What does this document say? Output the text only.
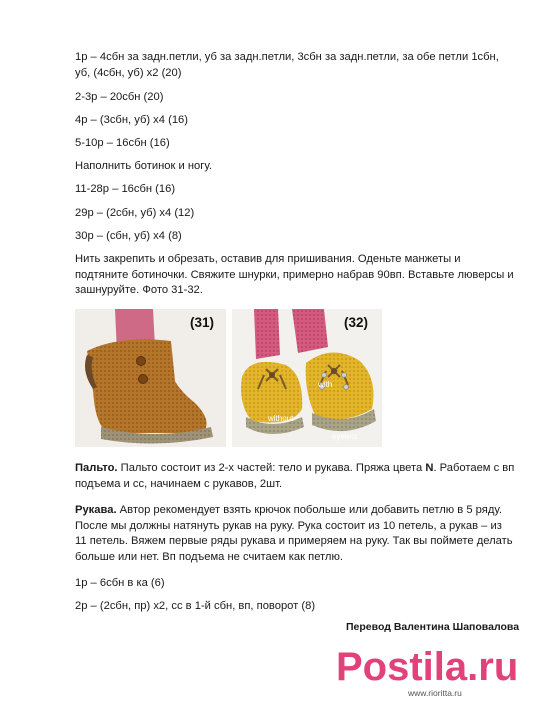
1р – 4сбн за задн.петли, уб за задн.петли, 3сбн за задн.петли, за обе петли 1сбн,
уб, (4сбн, уб) х2 (20)
2-3р – 20сбн (20)
4р – (3сбн, уб) х4 (16)
5-10р – 16сбн (16)
Наполнить ботинок и ногу.
11-28р – 16сбн (16)
29р – (2сбн, уб) х4 (12)
30р – (сбн, уб) х4 (8)
Нить закрепить и обрезать, оставив для пришивания. Оденьте манжеты и подтяните ботиночки. Свяжите шнурки, примерно набрав 90вп. Вставьте люверсы и зашнуруйте. Фото 31-32.
(31)
without
with
eyelets
(32)
Пальто. Пальто состоит из 2-х частей: тело и рукава. Пряжа цвета N. Работаем с вп подъема и сс, начинаем с рукавов, 2шт.
Рукава. Автор рекомендует взять крючок побольше или добавить петлю в 5 ряду. После мы должны натянуть рукав на руку. Рука состоит из 10 петель, а рукав – из 11 петель. Вяжем первые ряды рукава и примеряем на руку. Так вы поймете делать больше или нет. Вп подъема не считаем как петлю.
1р – 6сбн в ка (6)
2р – (2сбн, пр) х2, сс в 1-й сбн, вп, поворот (8)
Перевод Валентина Шаповалова
Postila.ru
www.rioritta.ru
